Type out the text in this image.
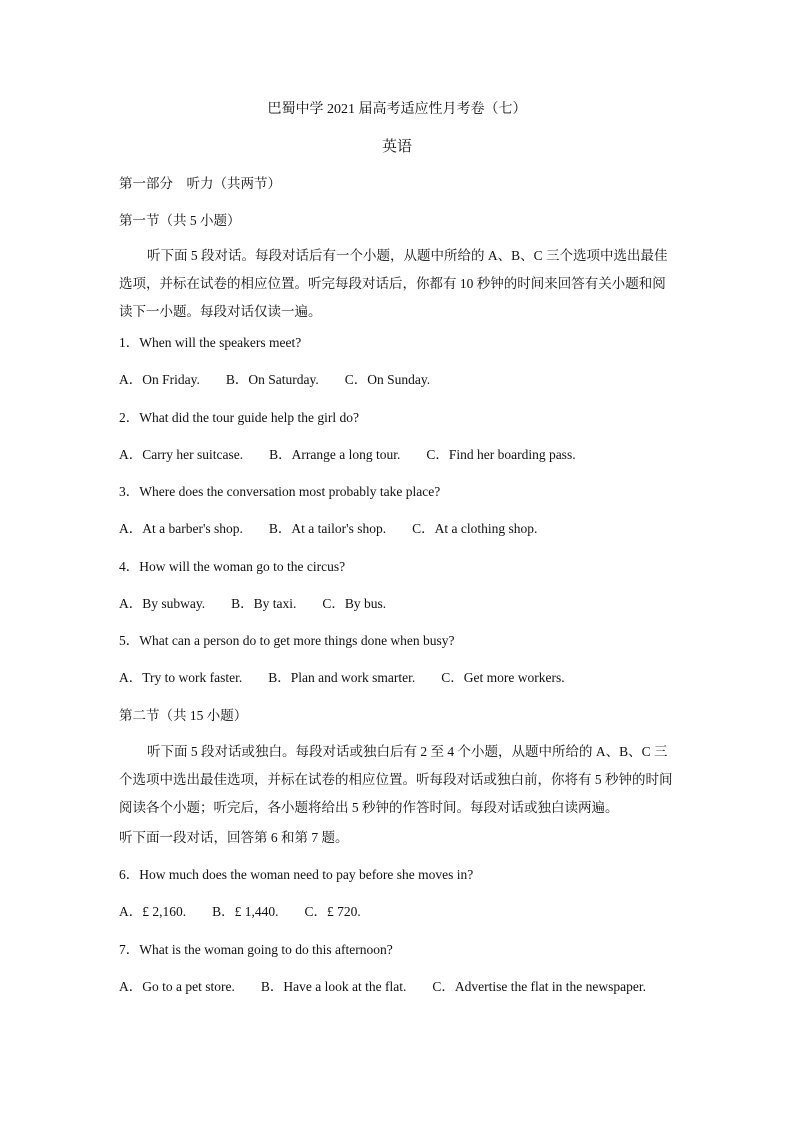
巴蜀中学 2021 届高考适应性月考卷（七）
英语
第一部分　听力（共两节）
第一节（共 5 小题）
听下面 5 段对话。每段对话后有一个小题，从题中所给的 A、B、C 三个选项中选出最佳选项，并标在试卷的相应位置。听完每段对话后，你都有 10 秒钟的时间来回答有关小题和阅读下一小题。每段对话仅读一遍。
1．When will the speakers meet?
A．On Friday. B．On Saturday. C．On Sunday.
2．What did the tour guide help the girl do?
A．Carry her suitcase. B．Arrange a long tour. C．Find her boarding pass.
3．Where does the conversation most probably take place?
A．At a barber's shop. B．At a tailor's shop. C．At a clothing shop.
4．How will the woman go to the circus?
A．By subway. B．By taxi. C．By bus.
5．What can a person do to get more things done when busy?
A．Try to work faster. B．Plan and work smarter. C．Get more workers.
第二节（共 15 小题）
听下面 5 段对话或独白。每段对话或独白后有 2 至 4 个小题，从题中所给的 A、B、C 三个选项中选出最佳选项，并标在试卷的相应位置。听每段对话或独白前，你将有 5 秒钟的时间阅读各个小题；听完后，各小题将给出 5 秒钟的作答时间。每段对话或独白读两遍。
听下面一段对话，回答第 6 和第 7 题。
6．How much does the woman need to pay before she moves in?
A．£ 2,160. B．£ 1,440. C．£ 720.
7．What is the woman going to do this afternoon?
A．Go to a pet store. B．Have a look at the flat. C．Advertise the flat in the newspaper.
